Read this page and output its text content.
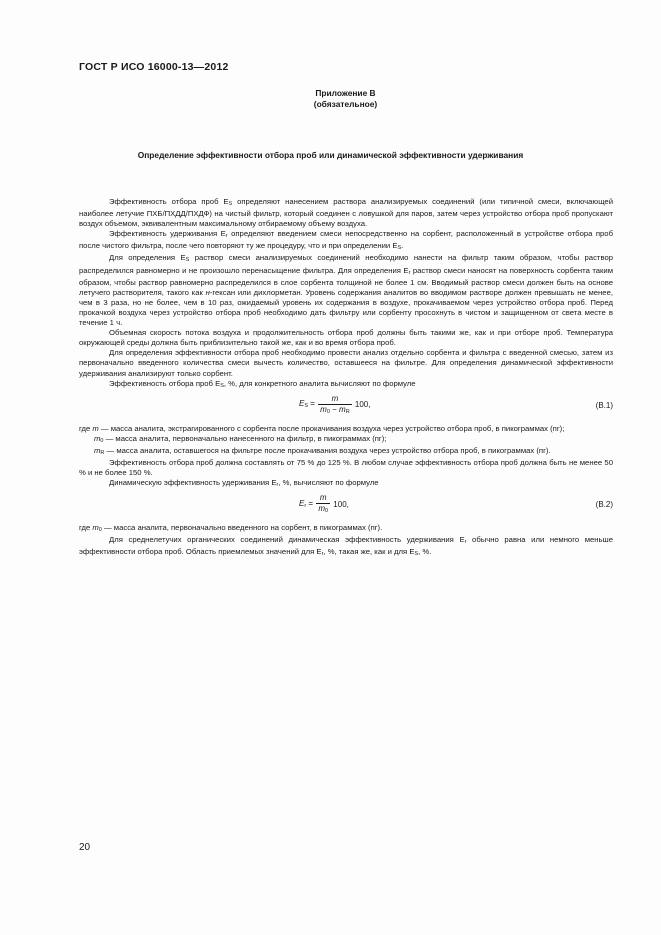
ГОСТ Р ИСО 16000-13—2012
Приложение В
(обязательное)
Определение эффективности отбора проб или динамической эффективности удерживания

Эффективность отбора проб $E_S$ определяют нанесением раствора анализируемых соединений (или типичной смеси, включающей наиболее летучие ПХБ/ПХДД/ПХДФ) на чистый фильтр, который соединен с ловушкой для паров, затем через устройство отбора проб пропускают воздух объемом, эквивалентным максимальному отбираемому объему воздуха.

Эффективность удерживания $E_r$ определяют введением смеси непосредственно на сорбент, расположенный в устройстве отбора проб после чистого фильтра, после чего повторяют ту же процедуру, что и при определении $E_S$.

Для определения $E_S$ раствор смеси анализируемых соединений необходимо нанести на фильтр таким образом, чтобы раствор распределился равномерно и не произошло перенасыщение фильтра. Для определения $E_r$ раствор смеси наносят на поверхность сорбента таким образом, чтобы раствор равномерно распределился в слое сорбента толщиной не более 1 см. Вводимый раствор смеси должен быть на основе летучего растворителя, такого как н-гексан или дихлорметан. Уровень содержания аналитов во вводимом растворе должен превышать не менее, чем в 3 раза, но не более, чем в 10 раз, ожидаемый уровень их содержания в воздухе, прокачиваемом через устройство отбора проб. Перед прокачкой воздуха через устройство отбора проб необходимо дать фильтру или сорбенту просохнуть в чистом и защищенном от света месте в течение 1 ч.

Объемная скорость потока воздуха и продолжительность отбора проб должны быть такими же, как и при отборе проб. Температура окружающей среды должна быть приблизительно такой же, как и во время отбора проб.

Для определения эффективности отбора проб необходимо провести анализ отдельно сорбента и фильтра с введенной смесью, затем из первоначально введенного количества смеси вычесть количество, оставшееся на фильтре. Для определения динамической эффективности удерживания анализируют только сорбент.

Эффективность отбора проб $E_S$, %, для конкретного аналита вычисляют по формуле

$E_S = \frac{m}{m_0 - m_R} 100$,	(B.1)
где m — масса аналита, экстрагированного с сорбента после прокачивания воздуха через устройство отбора проб, в пикограммах (пг);
$m_0$ — масса аналита, первоначально нанесенного на фильтр, в пикограммах (пг);
$m_R$ — масса аналита, оставшегося на фильтре после прокачивания воздуха через устройство отбора проб, в пикограммах (пг).

Эффективность отбора проб должна составлять от 75 % до 125 %. В любом случае эффективность отбора проб должна быть не менее 50 % и не более 150 %.

Динамическую эффективность удерживания $E_r$, %, вычисляют по формуле

$E_r = \frac{m}{m_0} 100$,	(B.2)
где $m_0$ — масса аналита, первоначально введенного на сорбент, в пикограммах (пг).

Для среднелетучих органических соединений динамическая эффективность удерживания $E_r$ обычно равна или немного меньше эффективности отбора проб. Область приемлемых значений для $E_r$, %, такая же, как и для $E_S$, %.

20
